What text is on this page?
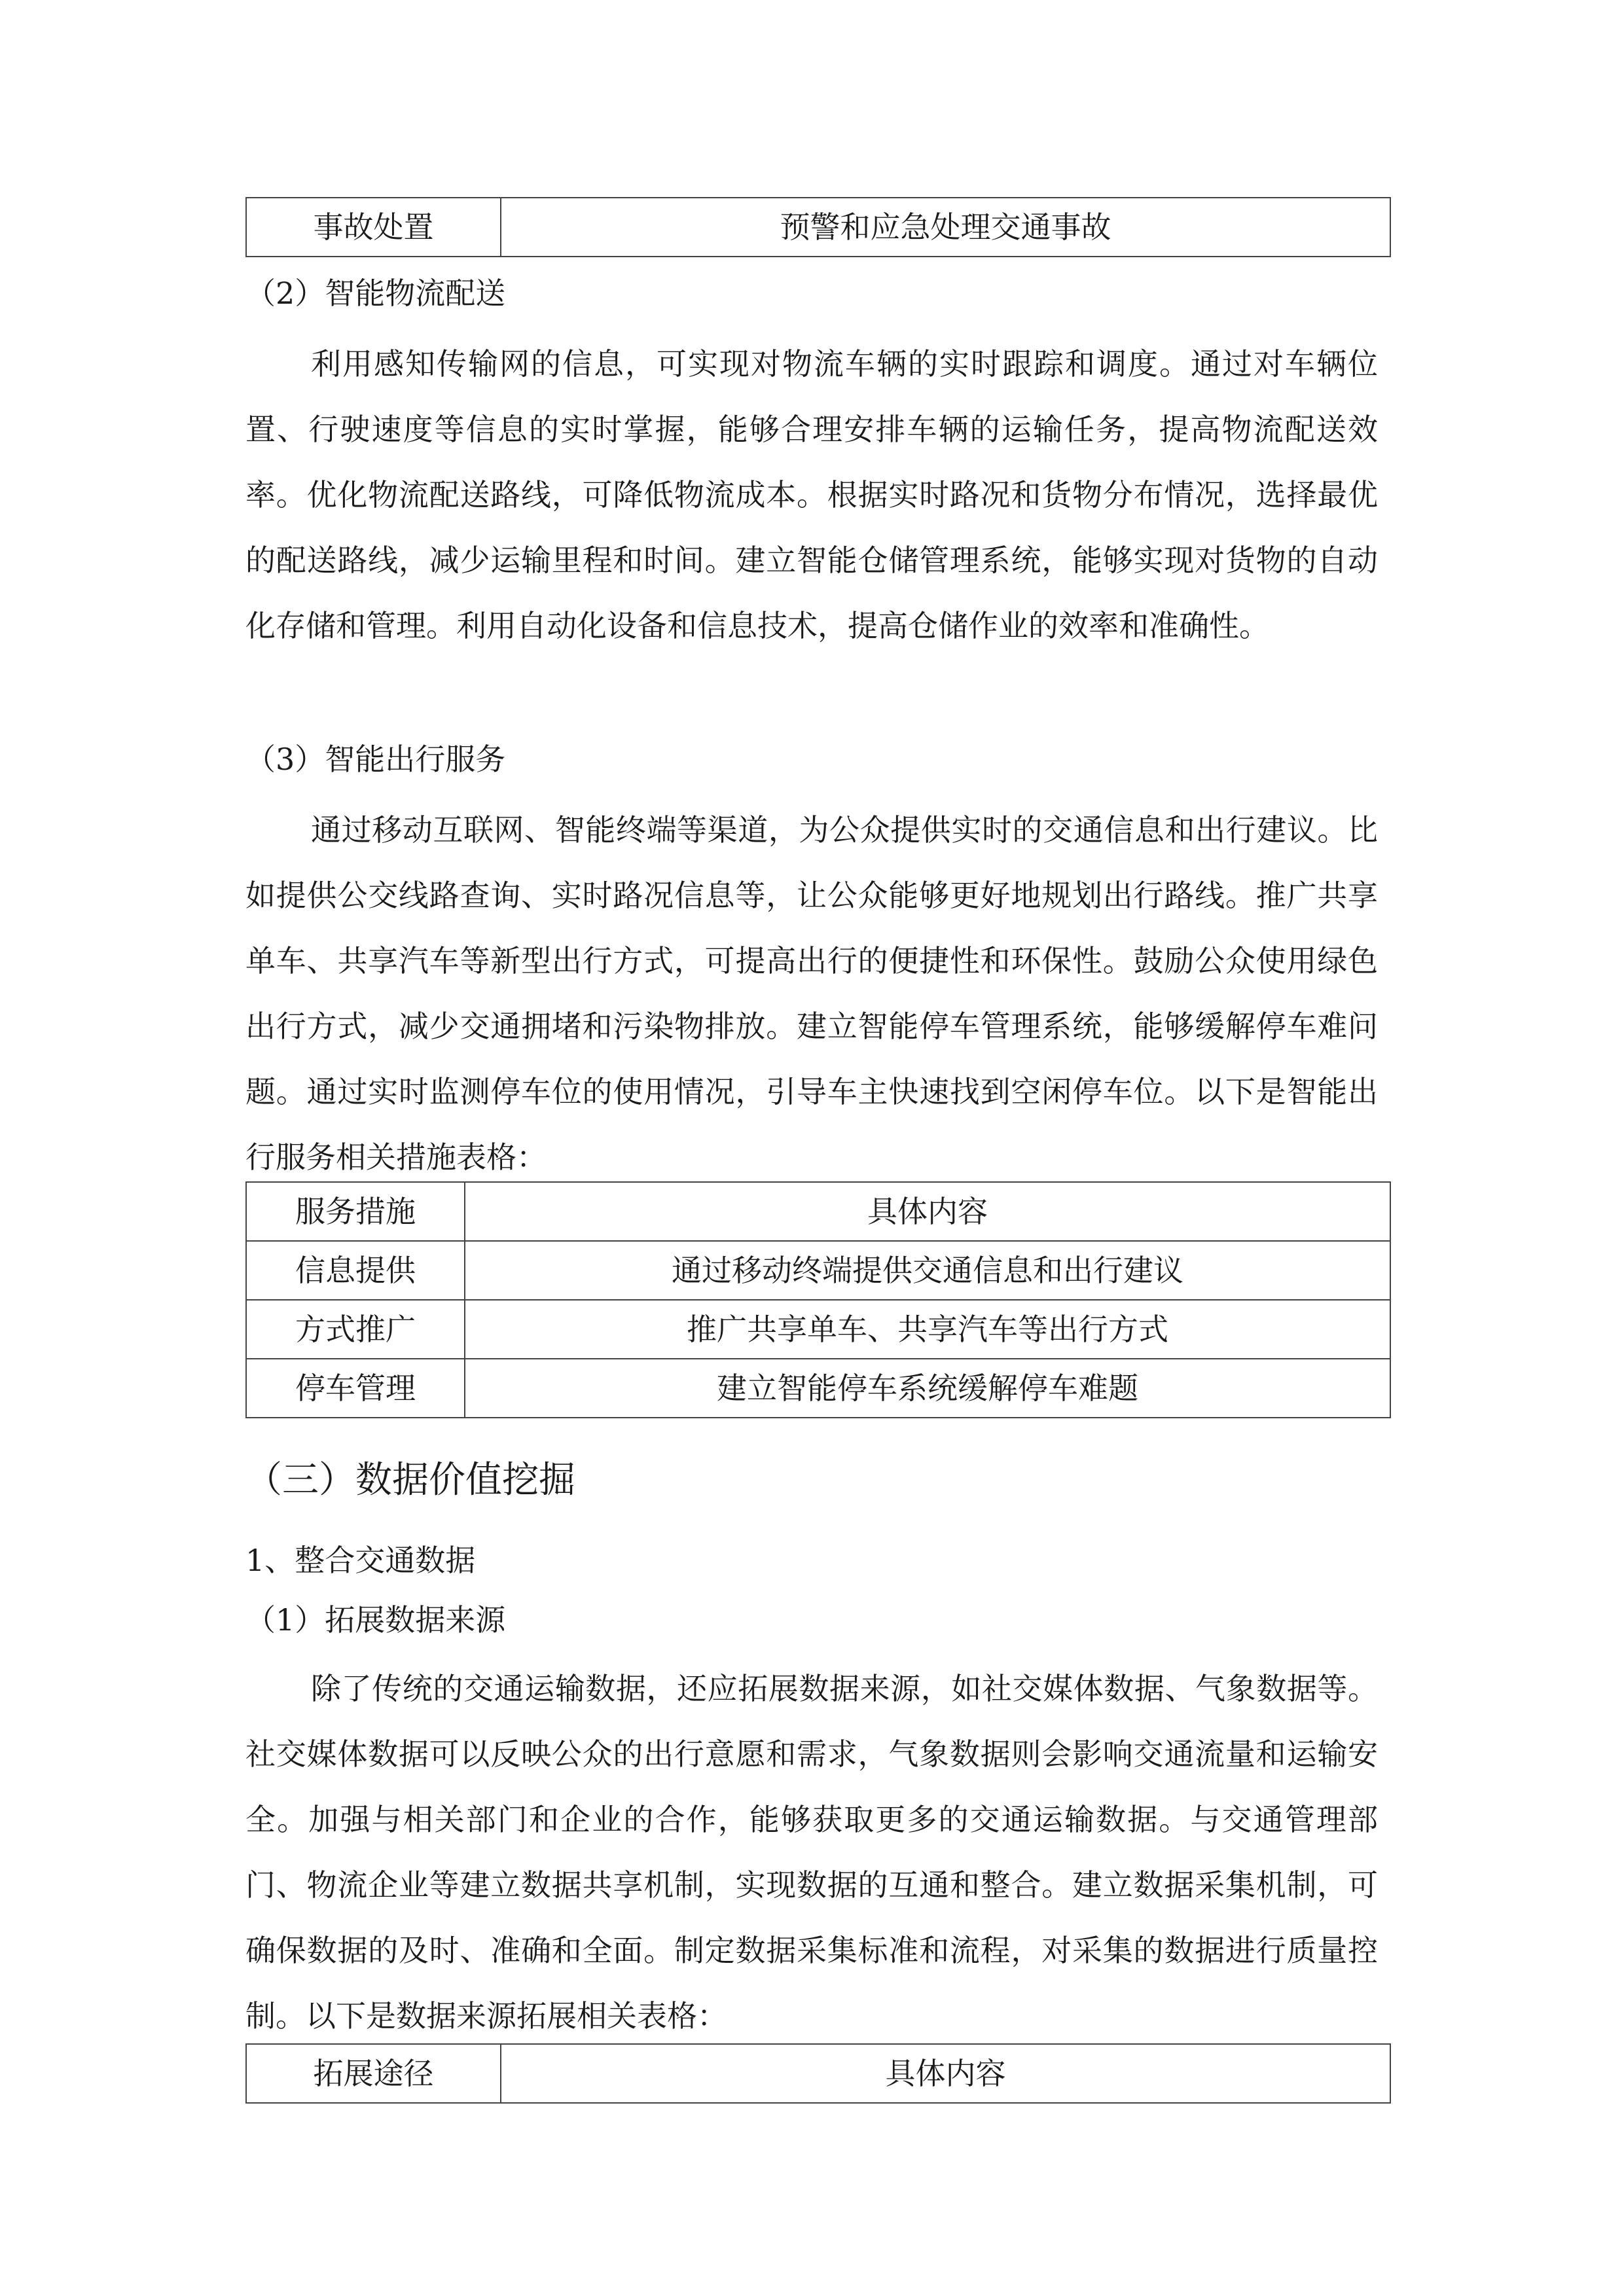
事故处置	预警和应急处理交通事故

（2）智能物流配送

利用感知传输网的信息，可实现对物流车辆的实时跟踪和调度。通过对车辆位置、行驶速度等信息的实时掌握，能够合理安排车辆的运输任务，提高物流配送效率。优化物流配送路线，可降低物流成本。根据实时路况和货物分布情况，选择最优的配送路线，减少运输里程和时间。建立智能仓储管理系统，能够实现对货物的自动化存储和管理。利用自动化设备和信息技术，提高仓储作业的效率和准确性。

（3）智能出行服务

通过移动互联网、智能终端等渠道，为公众提供实时的交通信息和出行建议。比如提供公交线路查询、实时路况信息等，让公众能够更好地规划出行路线。推广共享单车、共享汽车等新型出行方式，可提高出行的便捷性和环保性。鼓励公众使用绿色出行方式，减少交通拥堵和污染物排放。建立智能停车管理系统，能够缓解停车难问题。通过实时监测停车位的使用情况，引导车主快速找到空闲停车位。以下是智能出行服务相关措施表格：

服务措施	具体内容
信息提供	通过移动终端提供交通信息和出行建议
方式推广	推广共享单车、共享汽车等出行方式
停车管理	建立智能停车系统缓解停车难题
（三）数据价值挖掘

1、整合交通数据

（1）拓展数据来源

除了传统的交通运输数据，还应拓展数据来源，如社交媒体数据、气象数据等。社交媒体数据可以反映公众的出行意愿和需求，气象数据则会影响交通流量和运输安全。加强与相关部门和企业的合作，能够获取更多的交通运输数据。与交通管理部门、物流企业等建立数据共享机制，实现数据的互通和整合。建立数据采集机制，可确保数据的及时、准确和全面。制定数据采集标准和流程，对采集的数据进行质量控制。以下是数据来源拓展相关表格：

拓展途径	具体内容
